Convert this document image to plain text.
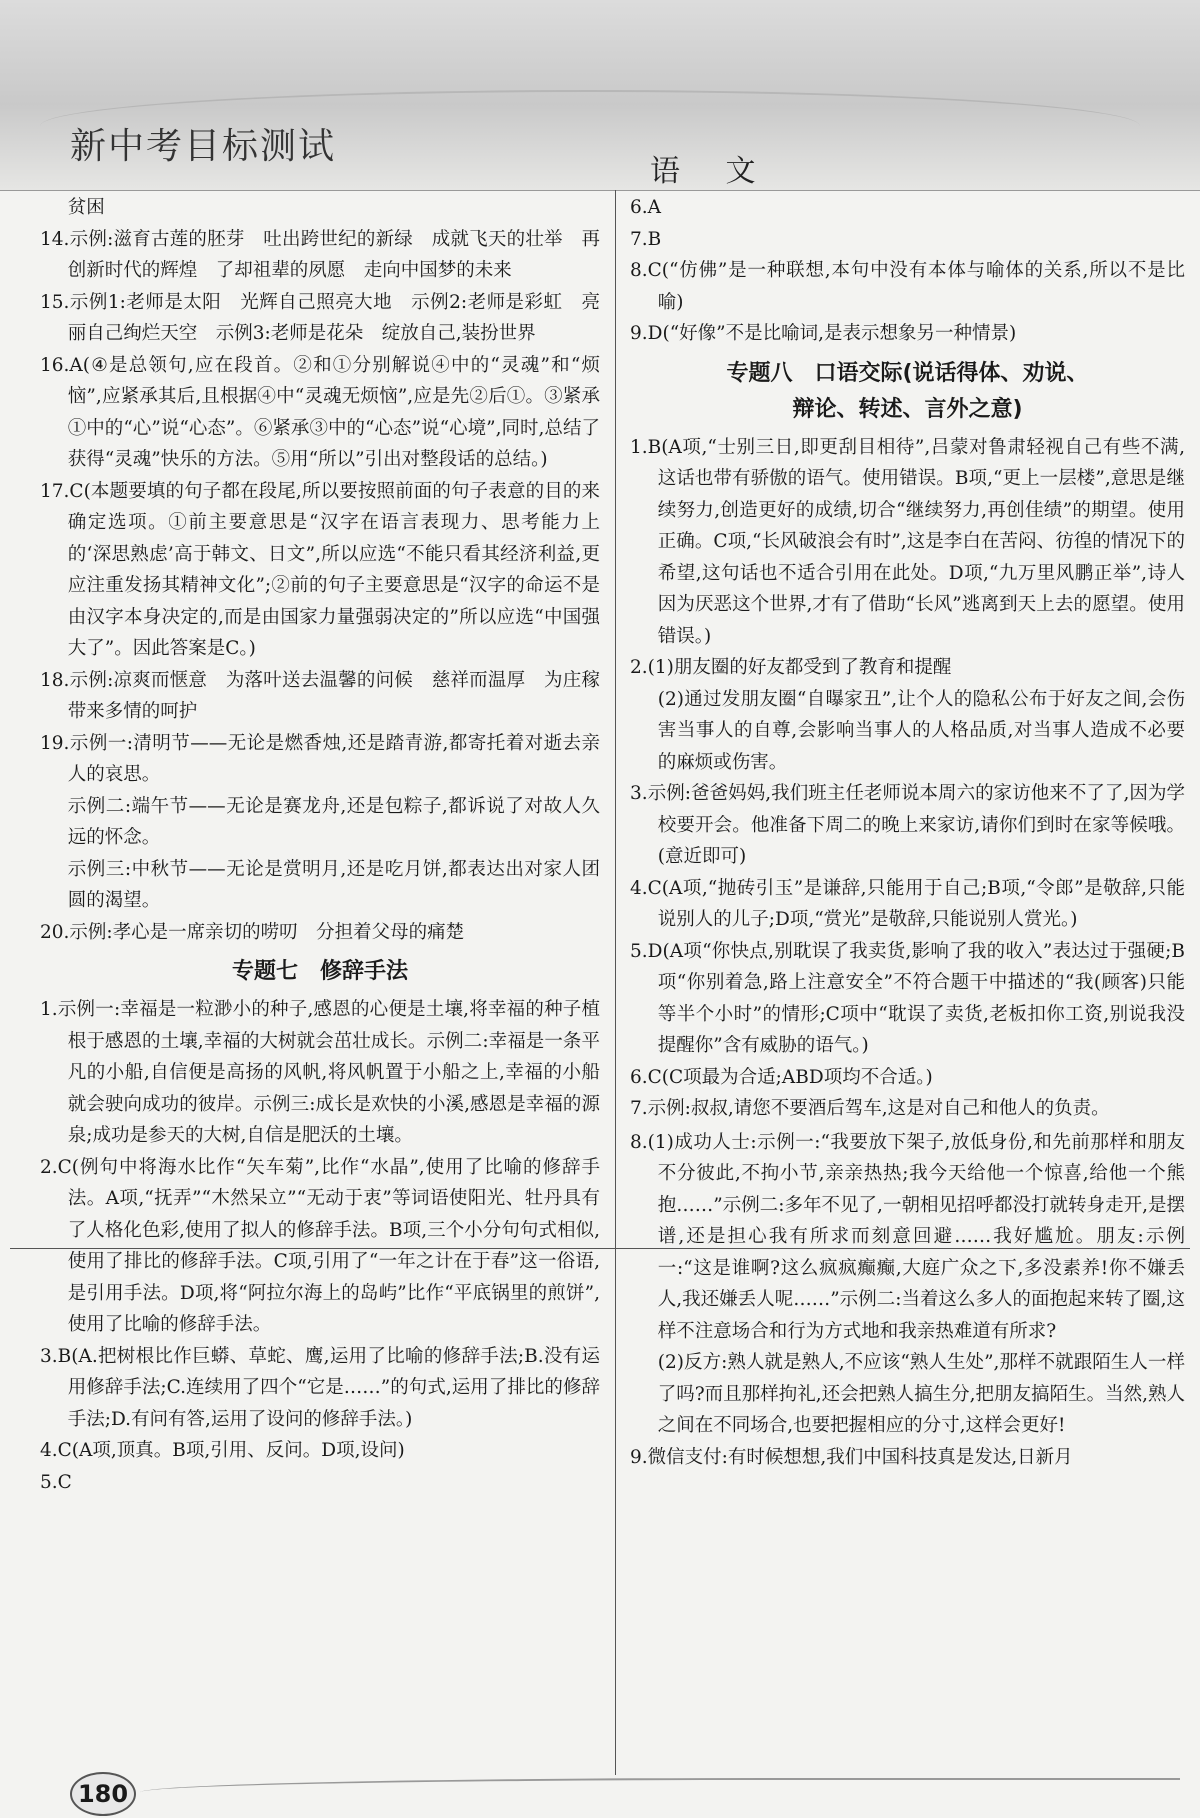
新中考目标测试
语 文

贫困

14.示例:滋育古莲的胚芽　吐出跨世纪的新绿　成就飞天的壮举　再创新时代的辉煌　了却祖辈的夙愿　走向中国梦的未来

15.示例1:老师是太阳　光辉自己照亮大地　示例2:老师是彩虹　亮丽自己绚烂天空　示例3:老师是花朵　绽放自己,装扮世界

16.A(④是总领句,应在段首。②和①分别解说④中的“灵魂”和“烦恼”,应紧承其后,且根据④中“灵魂无烦恼”,应是先②后①。③紧承①中的“心”说“心态”。⑥紧承③中的“心态”说“心境”,同时,总结了获得“灵魂”快乐的方法。⑤用“所以”引出对整段话的总结。)

17.C(本题要填的句子都在段尾,所以要按照前面的句子表意的目的来确定选项。①前主要意思是“汉字在语言表现力、思考能力上的‘深思熟虑’高于韩文、日文”,所以应选“不能只看其经济利益,更应注重发扬其精神文化”;②前的句子主要意思是“汉字的命运不是由汉字本身决定的,而是由国家力量强弱决定的”所以应选“中国强大了”。因此答案是C。)

18.示例:凉爽而惬意　为落叶送去温馨的问候　慈祥而温厚　为庄稼带来多情的呵护

19.示例一:清明节——无论是燃香烛,还是踏青游,都寄托着对逝去亲人的哀思。

示例二:端午节——无论是赛龙舟,还是包粽子,都诉说了对故人久远的怀念。

示例三:中秋节——无论是赏明月,还是吃月饼,都表达出对家人团圆的渴望。

20.示例:孝心是一席亲切的唠叨　分担着父母的痛楚

专题七　修辞手法

1.示例一:幸福是一粒渺小的种子,感恩的心便是土壤,将幸福的种子植根于感恩的土壤,幸福的大树就会茁壮成长。示例二:幸福是一条平凡的小船,自信便是高扬的风帆,将风帆置于小船之上,幸福的小船就会驶向成功的彼岸。示例三:成长是欢快的小溪,感恩是幸福的源泉;成功是参天的大树,自信是肥沃的土壤。

2.C(例句中将海水比作“矢车菊”,比作“水晶”,使用了比喻的修辞手法。A项,“抚弄”“木然呆立”“无动于衷”等词语使阳光、牡丹具有了人格化色彩,使用了拟人的修辞手法。B项,三个小分句句式相似,使用了排比的修辞手法。C项,引用了“一年之计在于春”这一俗语,是引用手法。D项,将“阿拉尔海上的岛屿”比作“平底锅里的煎饼”,使用了比喻的修辞手法。

3.B(A.把树根比作巨蟒、草蛇、鹰,运用了比喻的修辞手法;B.没有运用修辞手法;C.连续用了四个“它是……”的句式,运用了排比的修辞手法;D.有问有答,运用了设问的修辞手法。)

4.C(A项,顶真。B项,引用、反问。D项,设问)

5.C

6.A

7.B

8.C(“仿佛”是一种联想,本句中没有本体与喻体的关系,所以不是比喻)

9.D(“好像”不是比喻词,是表示想象另一种情景)

专题八　口语交际(说话得体、劝说、
辩论、转述、言外之意)

1.B(A项,“士别三日,即更刮目相待”,吕蒙对鲁肃轻视自己有些不满,这话也带有骄傲的语气。使用错误。B项,“更上一层楼”,意思是继续努力,创造更好的成绩,切合“继续努力,再创佳绩”的期望。使用正确。C项,“长风破浪会有时”,这是李白在苦闷、彷徨的情况下的希望,这句话也不适合引用在此处。D项,“九万里风鹏正举”,诗人因为厌恶这个世界,才有了借助“长风”逃离到天上去的愿望。使用错误。)

2.(1)朋友圈的好友都受到了教育和提醒

(2)通过发朋友圈“自曝家丑”,让个人的隐私公布于好友之间,会伤害当事人的自尊,会影响当事人的人格品质,对当事人造成不必要的麻烦或伤害。

3.示例:爸爸妈妈,我们班主任老师说本周六的家访他来不了了,因为学校要开会。他准备下周二的晚上来家访,请你们到时在家等候哦。(意近即可)

4.C(A项,“抛砖引玉”是谦辞,只能用于自己;B项,“令郎”是敬辞,只能说别人的儿子;D项,“赏光”是敬辞,只能说别人赏光。)

5.D(A项“你快点,别耽误了我卖货,影响了我的收入”表达过于强硬;B项“你别着急,路上注意安全”不符合题干中描述的“我(顾客)只能等半个小时”的情形;C项中“耽误了卖货,老板扣你工资,别说我没提醒你”含有威胁的语气。)

6.C(C项最为合适;ABD项均不合适。)

7.示例:叔叔,请您不要酒后驾车,这是对自己和他人的负责。

8.(1)成功人士:示例一:“我要放下架子,放低身份,和先前那样和朋友不分彼此,不拘小节,亲亲热热;我今天给他一个惊喜,给他一个熊抱……”示例二:多年不见了,一朝相见招呼都没打就转身走开,是摆谱,还是担心我有所求而刻意回避……我好尴尬。朋友:示例一:“这是谁啊?这么疯疯癫癫,大庭广众之下,多没素养!你不嫌丢人,我还嫌丢人呢……”示例二:当着这么多人的面抱起来转了圈,这样不注意场合和行为方式地和我亲热难道有所求?

(2)反方:熟人就是熟人,不应该“熟人生处”,那样不就跟陌生人一样了吗?而且那样拘礼,还会把熟人搞生分,把朋友搞陌生。当然,熟人之间在不同场合,也要把握相应的分寸,这样会更好!

9.微信支付:有时候想想,我们中国科技真是发达,日新月

180
